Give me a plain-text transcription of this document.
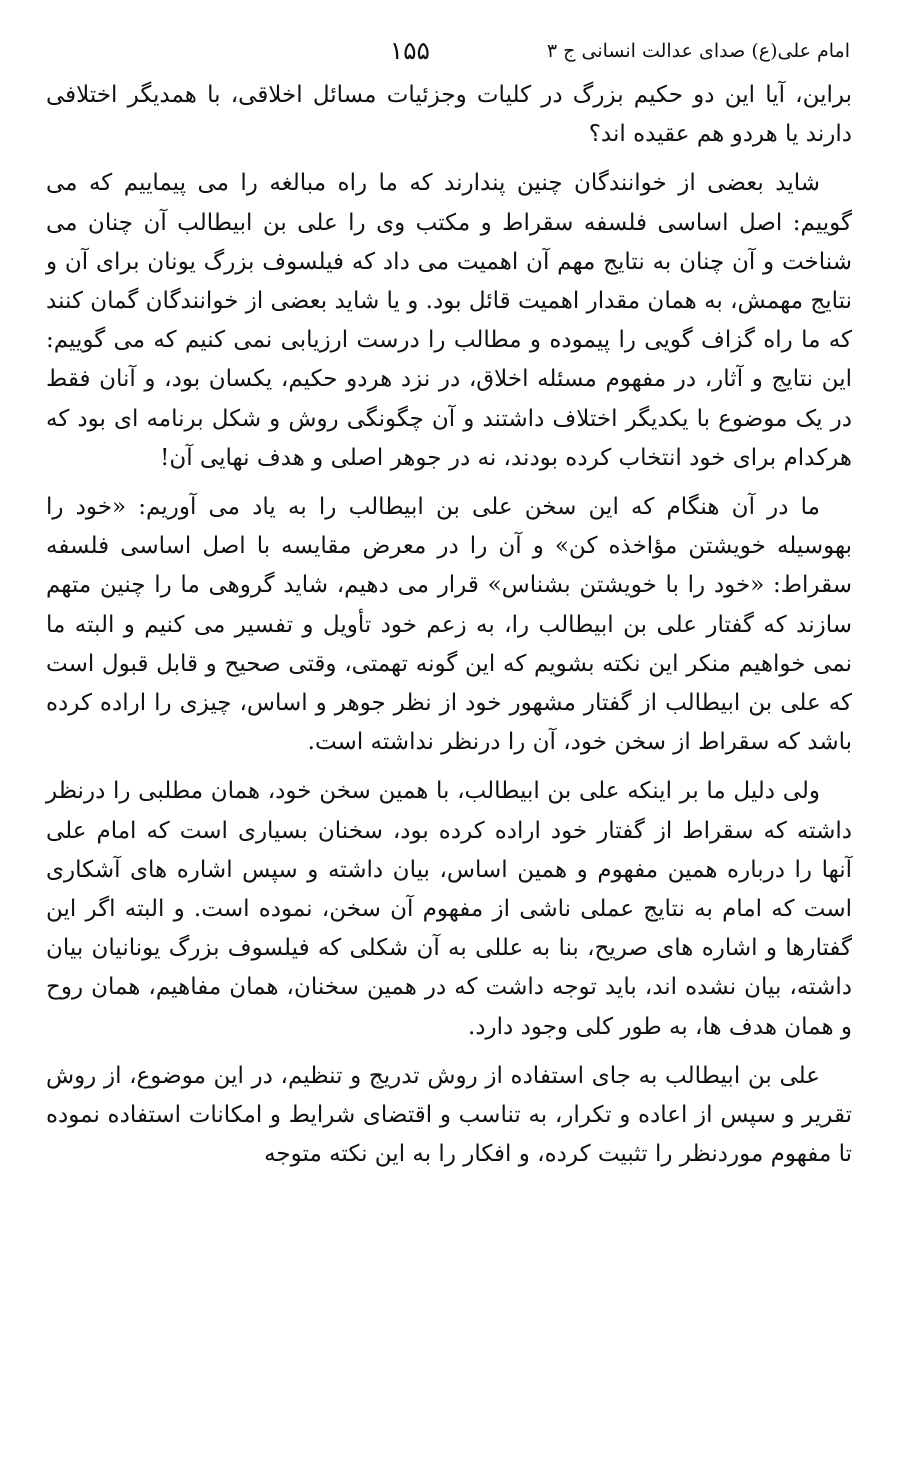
امام علی(ع) صدای عدالت انسانی ج ۳
۱۵۵

براین، آیا این دو حکیم بزرگ در کلیات وجزئیات مسائل اخلاقی، با همدیگر اختلافی دارند یا هردو هم عقیده اند؟

شاید بعضی از خوانندگان چنین پندارند که ما راه مبالغه را می پیماییم که می گوییم: اصل اساسی فلسفه سقراط و مکتب وی را علی بن ابیطالب آن چنان می شناخت و آن چنان به نتایج مهم آن اهمیت می داد که فیلسوف بزرگ یونان برای آن و نتایج مهمش، به همان مقدار اهمیت قائل بود. و یا شاید بعضی از خوانندگان گمان کنند که ما راه گزاف گویی را پیموده و مطالب را درست ارزیابی نمی کنیم که می گوییم: این نتایج و آثار، در مفهوم مسئله اخلاق، در نزد هردو حکیم، یکسان بود، و آنان فقط در یک موضوع با یکدیگر اختلاف داشتند و آن چگونگی روش و شکل برنامه ای بود که هرکدام برای خود انتخاب کرده بودند، نه در جوهر اصلی و هدف نهایی آن!

ما در آن هنگام که این سخن علی بن ابیطالب را به یاد می آوریم: «خود را بهوسیله خویشتن مؤاخذه کن» و آن را در معرض مقایسه با اصل اساسی فلسفه سقراط: «خود را با خویشتن بشناس» قرار می دهیم، شاید گروهی ما را چنین متهم سازند که گفتار علی بن ابیطالب را، به زعم خود تأویل و تفسیر می کنیم و البته ما نمی خواهیم منکر این نکته بشویم که این گونه تهمتی، وقتی صحیح و قابل قبول است که علی بن ابیطالب از گفتار مشهور خود از نظر جوهر و اساس، چیزی را اراده کرده باشد که سقراط از سخن خود، آن را درنظر نداشته است.

ولی دلیل ما بر اینکه علی بن ابیطالب، با همین سخن خود، همان مطلبی را درنظر داشته که سقراط از گفتار خود اراده کرده بود، سخنان بسیاری است که امام علی آنها را درباره همین مفهوم و همین اساس، بیان داشته و سپس اشاره های آشکاری است که امام به نتایج عملی ناشی از مفهوم آن سخن، نموده است. و البته اگر این گفتارها و اشاره های صریح، بنا به عللی به آن شکلی که فیلسوف بزرگ یونانیان بیان داشته، بیان نشده اند، باید توجه داشت که در همین سخنان، همان مفاهیم، همان روح و همان هدف ها، به طور کلی وجود دارد.

علی بن ابیطالب به جای استفاده از روش تدریج و تنظیم، در این موضوع، از روش تقریر و سپس از اعاده و تکرار، به تناسب و اقتضای شرایط و امکانات استفاده نموده تا مفهوم موردنظر را تثبیت کرده، و افکار را به این نکته متوجه
